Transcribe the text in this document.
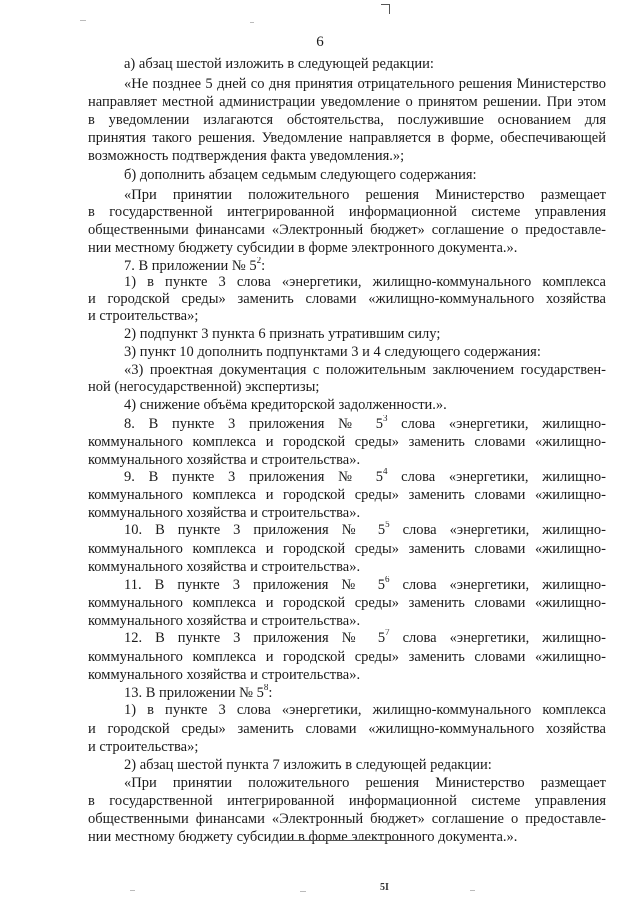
6
а) абзац шестой изложить в следующей редакции:
«Не позднее 5 дней со дня принятия отрицательного решения Министерство
направляет местной администрации уведомление о принятом решении. При этом
в уведомлении излагаются обстоятельства, послужившие основанием для
принятия такого решения. Уведомление направляется в форме, обеспечивающей
возможность подтверждения факта уведомления.»;
б) дополнить абзацем седьмым следующего содержания:
«При принятии положительного решения Министерство размещает
в государственной интегрированной информационной системе управления
общественными финансами «Электронный бюджет» соглашение о предоставле-
нии местному бюджету субсидии в форме электронного документа.».
7. В приложении № $5^2$:
1) в пункте 3 слова «энергетики, жилищно-коммунального комплекса
и городской среды» заменить словами «жилищно-коммунального хозяйства
и строительства»;
2) подпункт 3 пункта 6 признать утратившим силу;
3) пункт 10 дополнить подпунктами 3 и 4 следующего содержания:
«3) проектная документация с положительным заключением государствен-
ной (негосударственной) экспертизы;
4) снижение объёма кредиторской задолженности.».
8. В пункте 3 приложения № $5^3$ слова «энергетики, жилищно-
коммунального комплекса и городской среды» заменить словами «жилищно-
коммунального хозяйства и строительства».
9. В пункте 3 приложения № $5^4$ слова «энергетики, жилищно-
коммунального комплекса и городской среды» заменить словами «жилищно-
коммунального хозяйства и строительства».
10. В пункте 3 приложения № $5^5$ слова «энергетики, жилищно-
коммунального комплекса и городской среды» заменить словами «жилищно-
коммунального хозяйства и строительства».
11. В пункте 3 приложения № $5^6$ слова «энергетики, жилищно-
коммунального комплекса и городской среды» заменить словами «жилищно-
коммунального хозяйства и строительства».
12. В пункте 3 приложения № $5^7$ слова «энергетики, жилищно-
коммунального комплекса и городской среды» заменить словами «жилищно-
коммунального хозяйства и строительства».
13. В приложении № $5^8$:
1) в пункте 3 слова «энергетики, жилищно-коммунального комплекса
и городской среды» заменить словами «жилищно-коммунального хозяйства
и строительства»;
2) абзац шестой пункта 7 изложить в следующей редакции:
«При принятии положительного решения Министерство размещает
в государственной интегрированной информационной системе управления
общественными финансами «Электронный бюджет» соглашение о предоставле-
нии местному бюджету субсидии в форме электронного документа.».
5І
